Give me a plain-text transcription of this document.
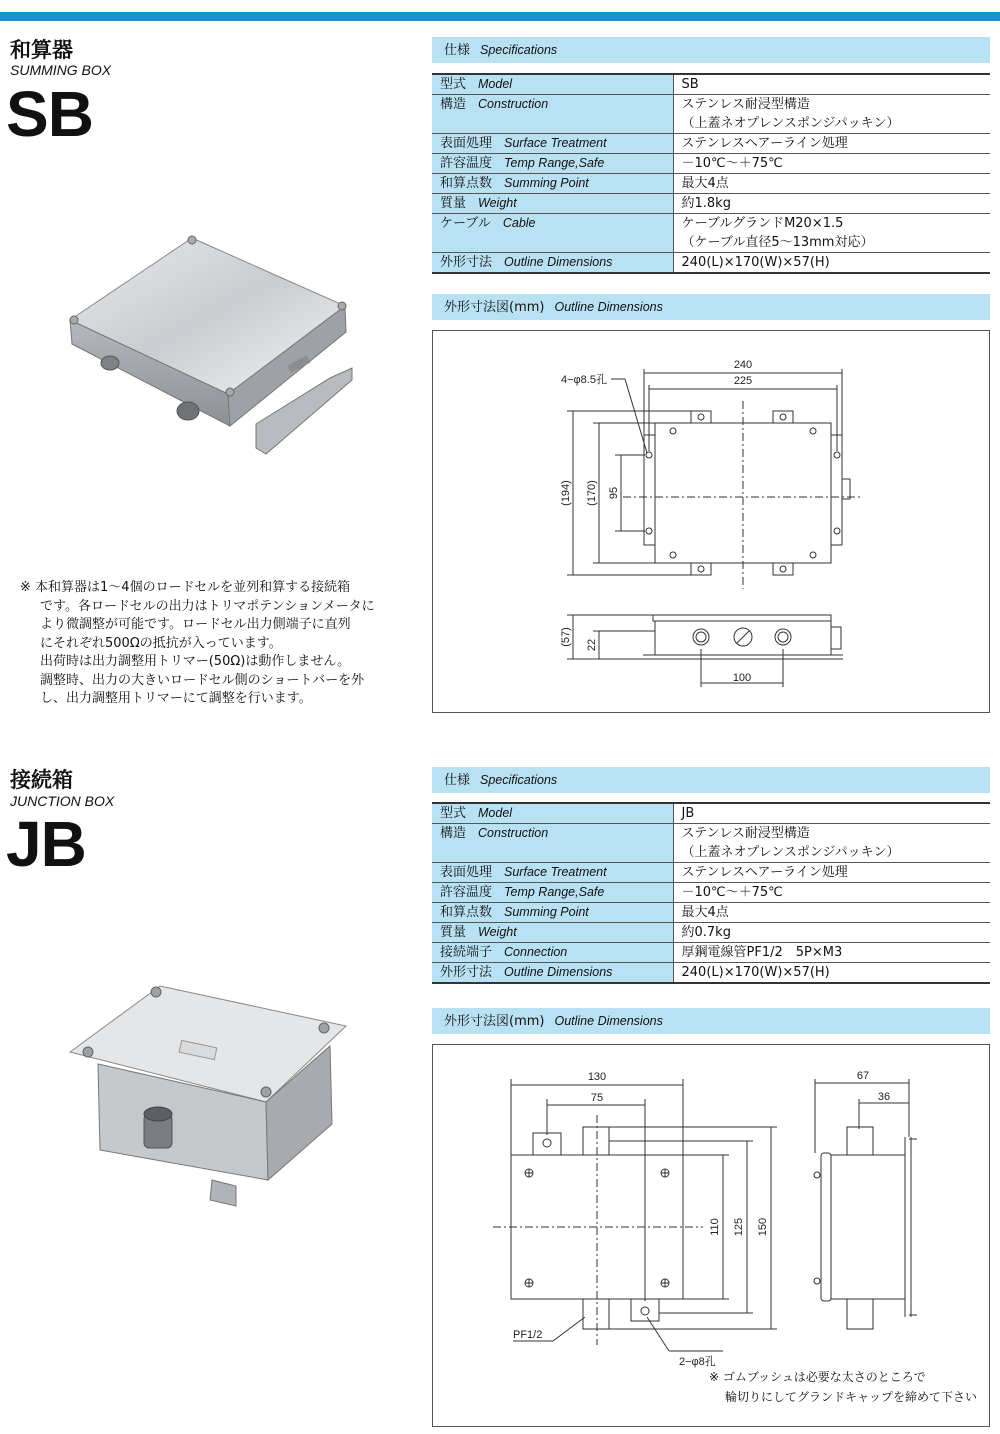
和算器
SUMMING BOX
SB
※ 本和算器は1～4個のロードセルを並列和算する接続箱
です。各ロードセルの出力はトリマポテンションメータに
より微調整が可能です。ロードセル出力側端子に直列
にそれぞれ500Ωの抵抗が入っています。
出荷時は出力調整用トリマー(50Ω)は動作しません。
調整時、出力の大きいロードセル側のショートバーを外
し、出力調整用トリマーにて調整を行います。
仕様 Specifications
型式 Model	SB

構造 Construction	ステンレス耐浸型構造
（上蓋ネオプレンスポンジパッキン）

表面処理 Surface Treatment	ステンレスヘアーライン処理

許容温度 Temp Range,Safe	－10℃～＋75℃

和算点数 Summing Point	最大4点

質量 Weight	約1.8kg

ケーブル Cable	ケーブルグランドM20×1.5
（ケーブル直径5～13mm対応）

外形寸法 Outline Dimensions	240(L)×170(W)×57(H)
外形寸法図(mm) Outline Dimensions
240
225
4−φ8.5孔
(194) (170) 95
(57) 22
100
接続箱
JUNCTION BOX
JB
仕様 Specifications
型式 Model	JB

構造 Construction	ステンレス耐浸型構造
（上蓋ネオプレンスポンジパッキン）

表面処理 Surface Treatment	ステンレスヘアーライン処理

許容温度 Temp Range,Safe	－10℃～＋75℃

和算点数 Summing Point	最大4点

質量 Weight	約0.7kg

接続端子 Connection	厚鋼電線管PF1/2　5P×M3

外形寸法 Outline Dimensions	240(L)×170(W)×57(H)
外形寸法図(mm) Outline Dimensions
130
75
110 125 150
67
36
PF1/2
2−φ8孔
※ ゴムブッシュは必要な太さのところで
輪切りにしてグランドキャップを締めて下さい
